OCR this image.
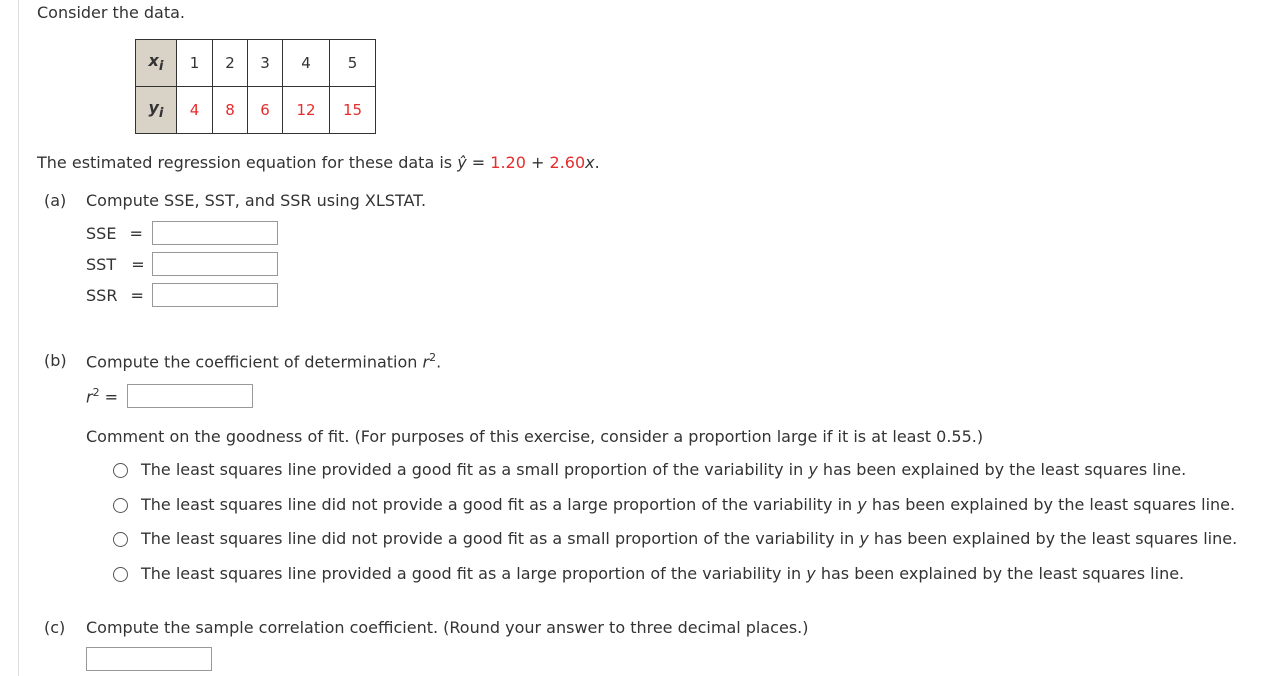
Consider the data.
$x_i$	1	2	3	4	5
$y_i$	4	8	6	12	15
The estimated regression equation for these data is ŷ = 1.20 + 2.60x.
(a) Compute SSE, SST, and SSR using XLSTAT.
SSE =
SST =
SSR =
(b) Compute the coefficient of determination $r^2$.
$r^2$ =
Comment on the goodness of fit. (For purposes of this exercise, consider a proportion large if it is at least 0.55.)
The least squares line provided a good fit as a small proportion of the variability in y has been explained by the least squares line.
The least squares line did not provide a good fit as a large proportion of the variability in y has been explained by the least squares line.
The least squares line did not provide a good fit as a small proportion of the variability in y has been explained by the least squares line.
The least squares line provided a good fit as a large proportion of the variability in y has been explained by the least squares line.
(c) Compute the sample correlation coefficient. (Round your answer to three decimal places.)
